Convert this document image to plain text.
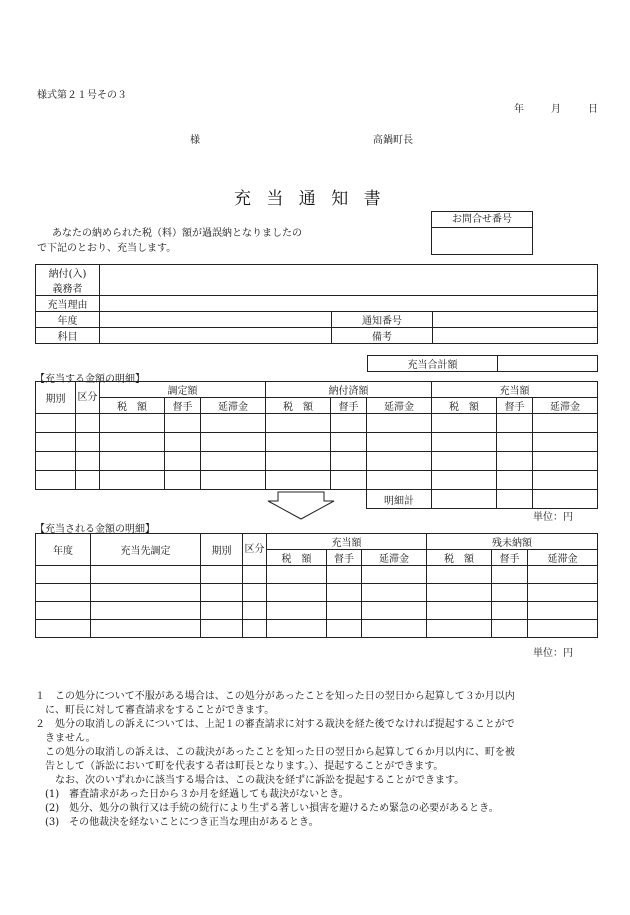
様式第２１号その３
年	月	日
様	高鍋町長
充 当 通 知 書
あなたの納められた税（料）額が過誤納となりましたの
で下記のとおり、充当します。
お問合せ番号
納付(入)
義務者			

充当理由			
年度		通知番号	
科目		備考	
充当合計額	
【充当する金額の明細】
期別	区分	調定額			納付済額			充当額		
		税　額	督手	延滞金	税　額	督手	延滞金	税　額	督手	延滞金

							明細計			
単位：円
【充当される金額の明細】
年度	充当先調定	期別	区分	充当額			残未納額		
				税　額	督手	延滞金	税　額	督手	延滞金

単位：円
１　この処分について不服がある場合は、この処分があったことを知った日の翌日から起算して３か月以内
に、町長に対して審査請求をすることができます。
２　処分の取消しの訴えについては、上記１の審査請求に対する裁決を経た後でなければ提起することがで
きません。
この処分の取消しの訴えは、この裁決があったことを知った日の翌日から起算して６か月以内に、町を被
告として（訴訟において町を代表する者は町長となります。）、提起することができます。
なお、次のいずれかに該当する場合は、この裁決を経ずに訴訟を提起することができます。
(1)　審査請求があった日から３か月を経過しても裁決がないとき。
(2)　処分、処分の執行又は手続の続行により生ずる著しい損害を避けるため緊急の必要があるとき。
(3)　その他裁決を経ないことにつき正当な理由があるとき。
